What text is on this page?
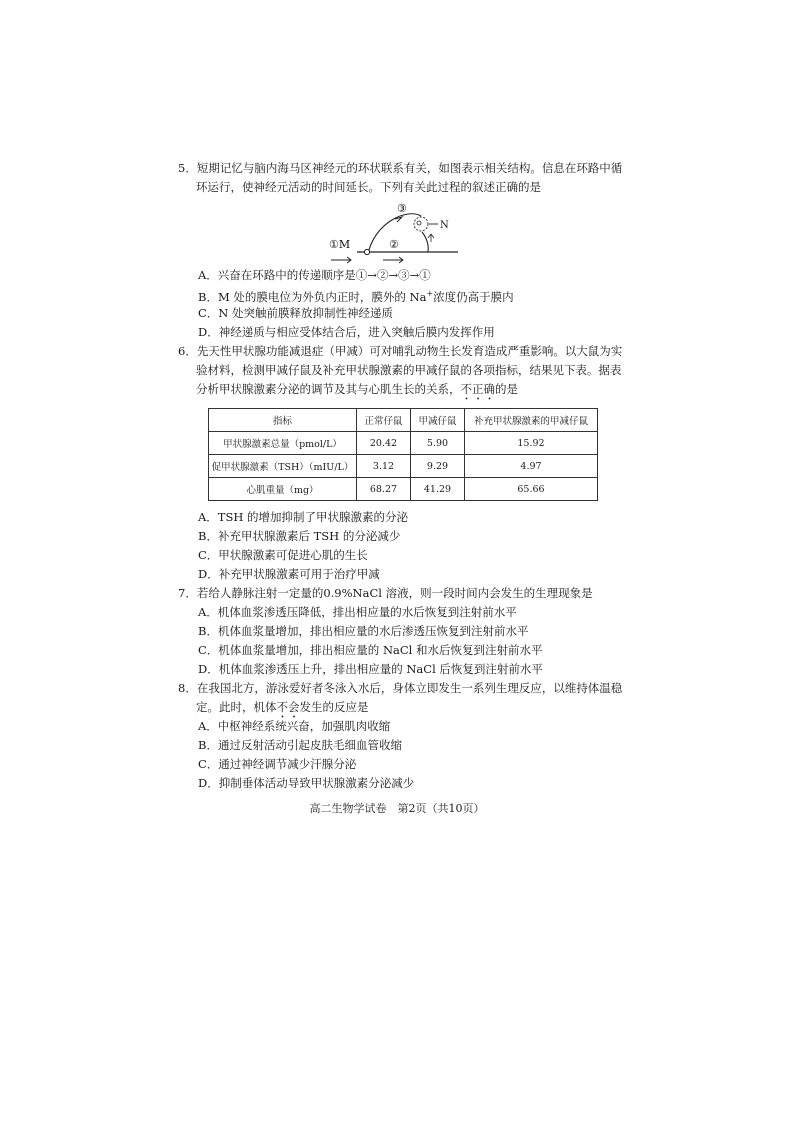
5．短期记忆与脑内海马区神经元的环状联系有关，如图表示相关结构。信息在环路中循
环运行，使神经元活动的时间延长。下列有关此过程的叙述正确的是
①M	②
③
N
A．兴奋在环路中的传递顺序是①→②→③→①
B．M 处的膜电位为外负内正时，膜外的 Na+浓度仍高于膜内
C．N 处突触前膜释放抑制性神经递质
D．神经递质与相应受体结合后，进入突触后膜内发挥作用
6．先天性甲状腺功能减退症（甲减）可对哺乳动物生长发育造成严重影响。以大鼠为实
验材料，检测甲减仔鼠及补充甲状腺激素的甲减仔鼠的各项指标，结果见下表。据表
分析甲状腺激素分泌的调节及其与心肌生长的关系，不正确的是
指标	正常仔鼠	甲减仔鼠	补充甲状腺激素的甲减仔鼠
甲状腺激素总量（pmol/L）	20.42	5.90	15.92
促甲状腺激素（TSH）（mIU/L）	3.12	9.29	4.97
心肌重量（mg）	68.27	41.29	65.66
A．TSH 的增加抑制了甲状腺激素的分泌
B．补充甲状腺激素后 TSH 的分泌减少
C．甲状腺激素可促进心肌的生长
D．补充甲状腺激素可用于治疗甲减
7．若给人静脉注射一定量的0.9%NaCl 溶液，则一段时间内会发生的生理现象是
A．机体血浆渗透压降低，排出相应量的水后恢复到注射前水平
B．机体血浆量增加，排出相应量的水后渗透压恢复到注射前水平
C．机体血浆量增加，排出相应量的 NaCl 和水后恢复到注射前水平
D．机体血浆渗透压上升，排出相应量的 NaCl 后恢复到注射前水平
8．在我国北方，游泳爱好者冬泳入水后，身体立即发生一系列生理反应，以维持体温稳
定。此时，机体不会发生的反应是
A．中枢神经系统兴奋，加强肌肉收缩
B．通过反射活动引起皮肤毛细血管收缩
C．通过神经调节减少汗腺分泌
D．抑制垂体活动导致甲状腺激素分泌减少
高二生物学试卷　第2页（共10页）
